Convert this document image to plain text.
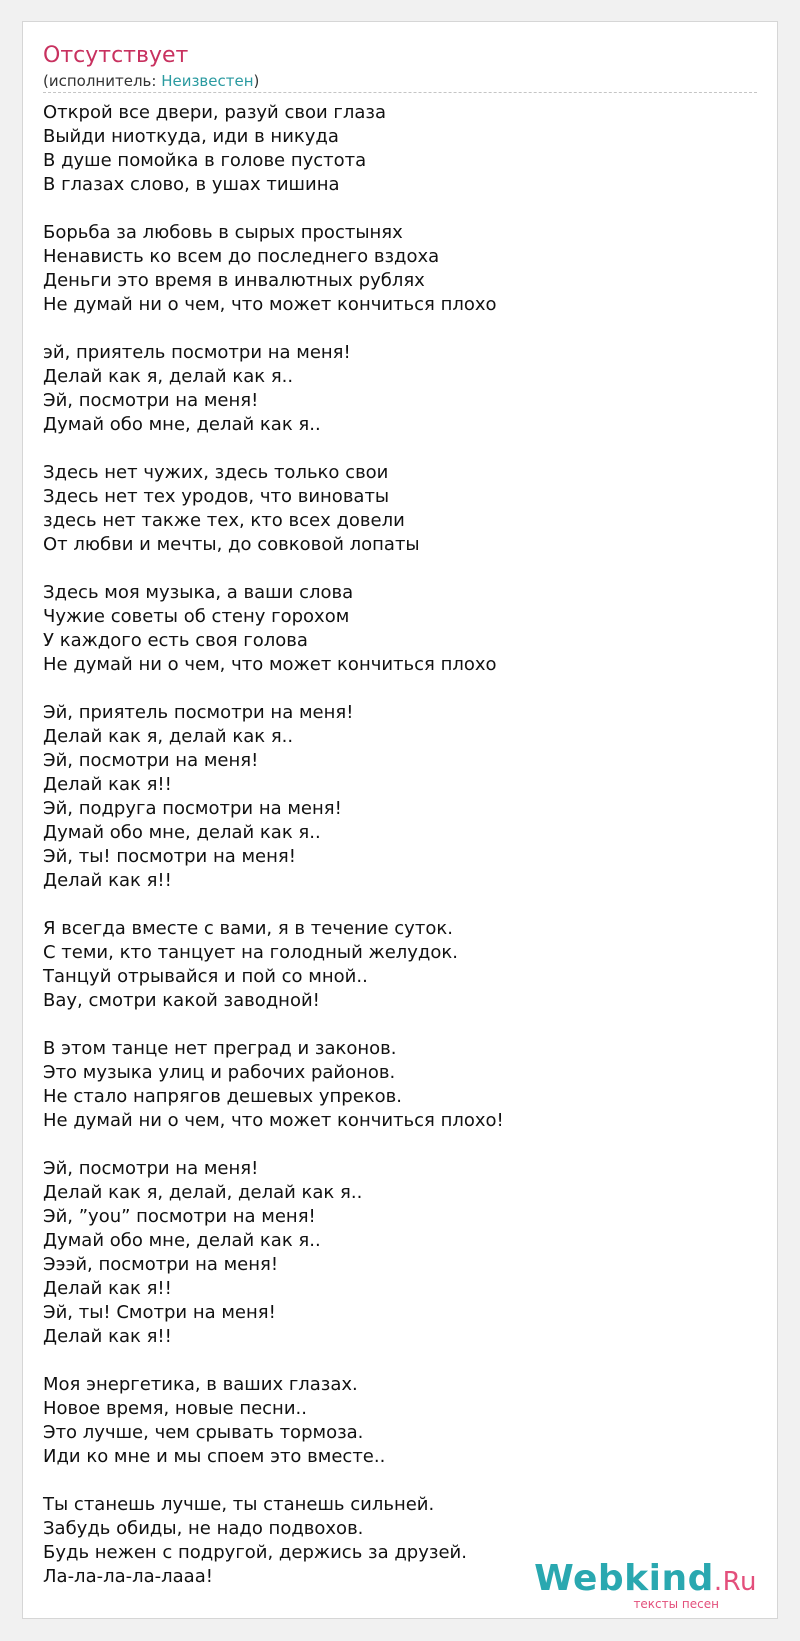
Отсутствует
(исполнитель: Неизвестен)
Открой все двери, разуй свои глаза
Выйди ниоткуда, иди в никуда
В душе помойка в голове пустота
В глазах слово, в ушах тишина
Борьба за любовь в сырых простынях
Ненависть ко всем до последнего вздоха
Деньги это время в инвалютных рублях
Не думай ни о чем, что может кончиться плохо
эй, приятель посмотри на меня!
Делай как я, делай как я..
Эй, посмотри на меня!
Думай обо мне, делай как я..
Здесь нет чужих, здесь только свои
Здесь нет тех уродов, что виноваты
здесь нет также тех, кто всех довели
От любви и мечты, до совковой лопаты
Здесь моя музыка, а ваши слова
Чужие советы об стену горохом
У каждого есть своя голова
Не думай ни о чем, что может кончиться плохо
Эй, приятель посмотри на меня!
Делай как я, делай как я..
Эй, посмотри на меня!
Делай как я!!
Эй, подруга посмотри на меня!
Думай обо мне, делай как я..
Эй, ты! посмотри на меня!
Делай как я!!
Я всегда вместе с вами, я в течение суток.
С теми, кто танцует на голодный желудок.
Танцуй отрывайся и пой со мной..
Вау, смотри какой заводной!
В этом танце нет преград и законов.
Это музыка улиц и рабочих районов.
Не стало напрягов дешевых упреков.
Не думай ни о чем, что может кончиться плохо!
Эй, посмотри на меня!
Делай как я, делай, делай как я..
Эй, ”you” посмотри на меня!
Думай обо мне, делай как я..
Эээй, посмотри на меня!
Делай как я!!
Эй, ты! Смотри на меня!
Делай как я!!
Моя энергетика, в ваших глазах.
Новое время, новые песни..
Это лучше, чем срывать тормоза.
Иди ко мне и мы споем это вместе..
Ты станешь лучше, ты станешь сильней.
Забудь обиды, не надо подвохов.
Будь нежен с подругой, держись за друзей.
Ла-ла-ла-ла-лааа!	Webkind.Ru
тексты песен
